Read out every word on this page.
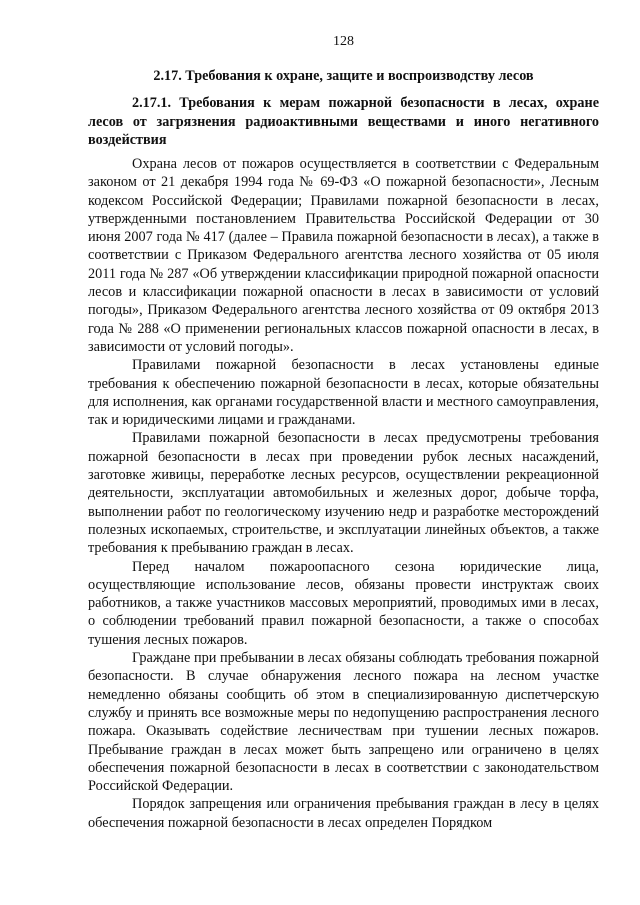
128
2.17. Требования к охране, защите и воспроизводству лесов
2.17.1. Требования к мерам пожарной безопасности в лесах, охране лесов от загрязнения радиоактивными веществами и иного негативного воздействия

Охрана лесов от пожаров осуществляется в соответствии с Федеральным законом от 21 декабря 1994 года № 69-ФЗ «О пожарной безопасности», Лесным кодексом Российской Федерации; Правилами пожарной безопасности в лесах, утвержденными постановлением Правительства Российской Федерации от 30 июня 2007 года № 417 (далее – Правила пожарной безопасности в лесах), а также в соответствии с Приказом Федерального агентства лесного хозяйства от 05 июля 2011 года № 287 «Об утверждении классификации природной пожарной опасности лесов и классификации пожарной опасности в лесах в зависимости от условий погоды», Приказом Федерального агентства лесного хозяйства от 09 октября 2013 года № 288 «О применении региональных классов пожарной опасности в лесах, в зависимости от условий погоды».

Правилами пожарной безопасности в лесах установлены единые требования к обеспечению пожарной безопасности в лесах, которые обязательны для исполнения, как органами государственной власти и местного самоуправления, так и юридическими лицами и гражданами.

Правилами пожарной безопасности в лесах предусмотрены требования пожарной безопасности в лесах при проведении рубок лесных насаждений, заготовке живицы, переработке лесных ресурсов, осуществлении рекреационной деятельности, эксплуатации автомобильных и железных дорог, добыче торфа, выполнении работ по геологическому изучению недр и разработке месторождений полезных ископаемых, строительстве, и эксплуатации линейных объектов, а также требования к пребыванию граждан в лесах.

Перед началом пожароопасного сезона юридические лица, осуществляющие использование лесов, обязаны провести инструктаж своих работников, а также участников массовых мероприятий, проводимых ими в лесах, о соблюдении требований правил пожарной безопасности, а также о способах тушения лесных пожаров.

Граждане при пребывании в лесах обязаны соблюдать требования пожарной безопасности. В случае обнаружения лесного пожара на лесном участке немедленно обязаны сообщить об этом в специализированную диспетчерскую службу и принять все возможные меры по недопущению распространения лесного пожара. Оказывать содействие лесничествам при тушении лесных пожаров. Пребывание граждан в лесах может быть запрещено или ограничено в целях обеспечения пожарной безопасности в лесах в соответствии с законодательством Российской Федерации.

Порядок запрещения или ограничения пребывания граждан в лесу в целях обеспечения пожарной безопасности в лесах определен Порядком
